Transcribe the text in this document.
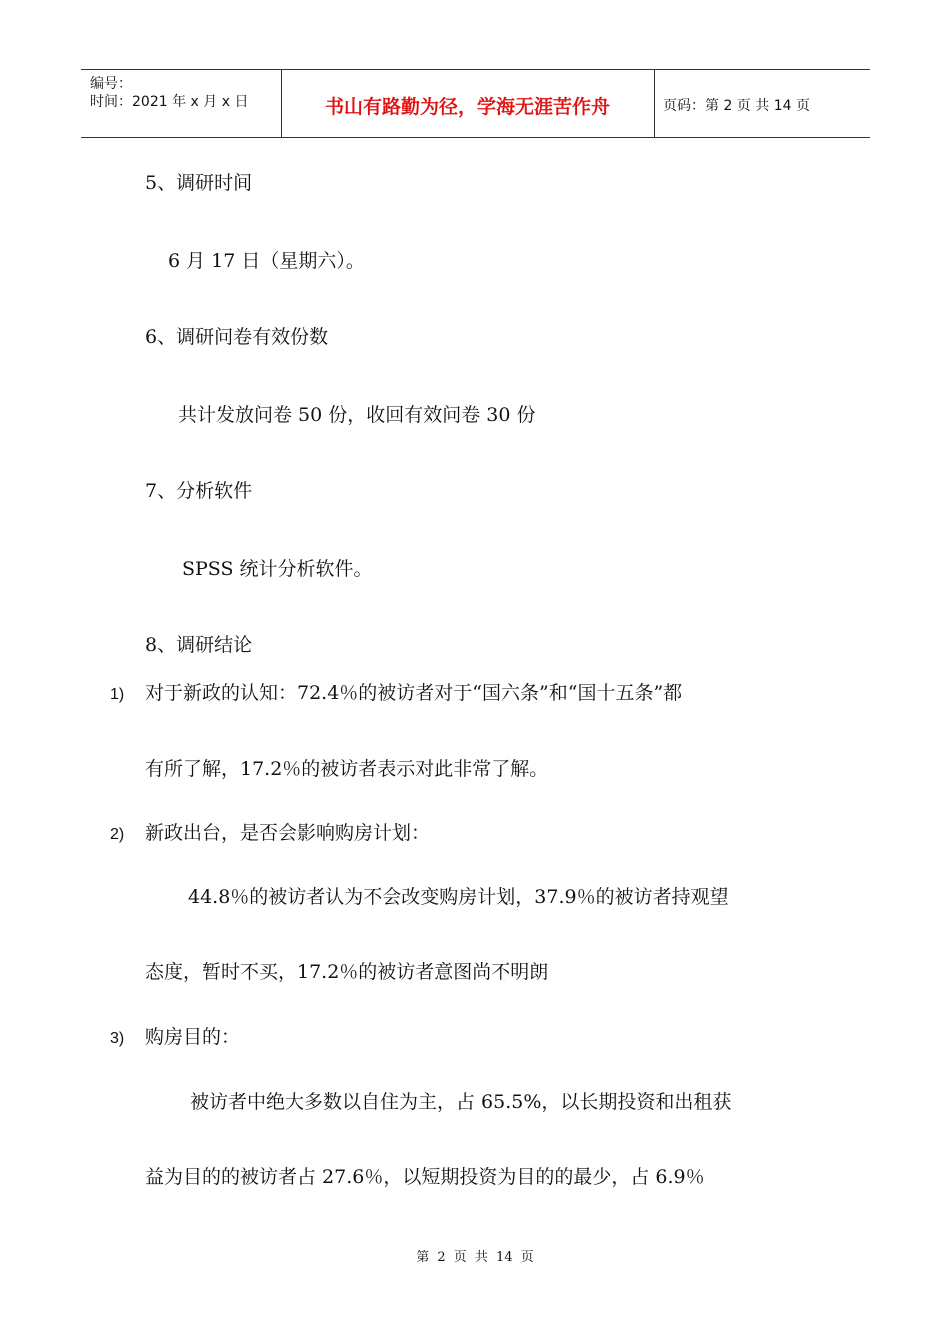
编号：
时间：2021 年 x 月 x 日	书山有路勤为径，学海无涯苦作舟	页码：第 2 页 共 14 页
5、调研时间
6 月 17 日（星期六）。
6、调研问卷有效份数
共计发放问卷 50 份，收回有效问卷 30 份
7、分析软件
SPSS 统计分析软件。
8、调研结论
1) 对于新政的认知：72.4％的被访者对于“国六条”和“国十五条”都
有所了解，17.2％的被访者表示对此非常了解。
2) 新政出台，是否会影响购房计划：
44.8％的被访者认为不会改变购房计划，37.9％的被访者持观望
态度，暂时不买，17.2％的被访者意图尚不明朗
3) 购房目的：
被访者中绝大多数以自住为主，占 65.5%，以长期投资和出租获
益为目的的被访者占 27.6％，以短期投资为目的的最少，占 6.9％
第 2 页 共 14 页
